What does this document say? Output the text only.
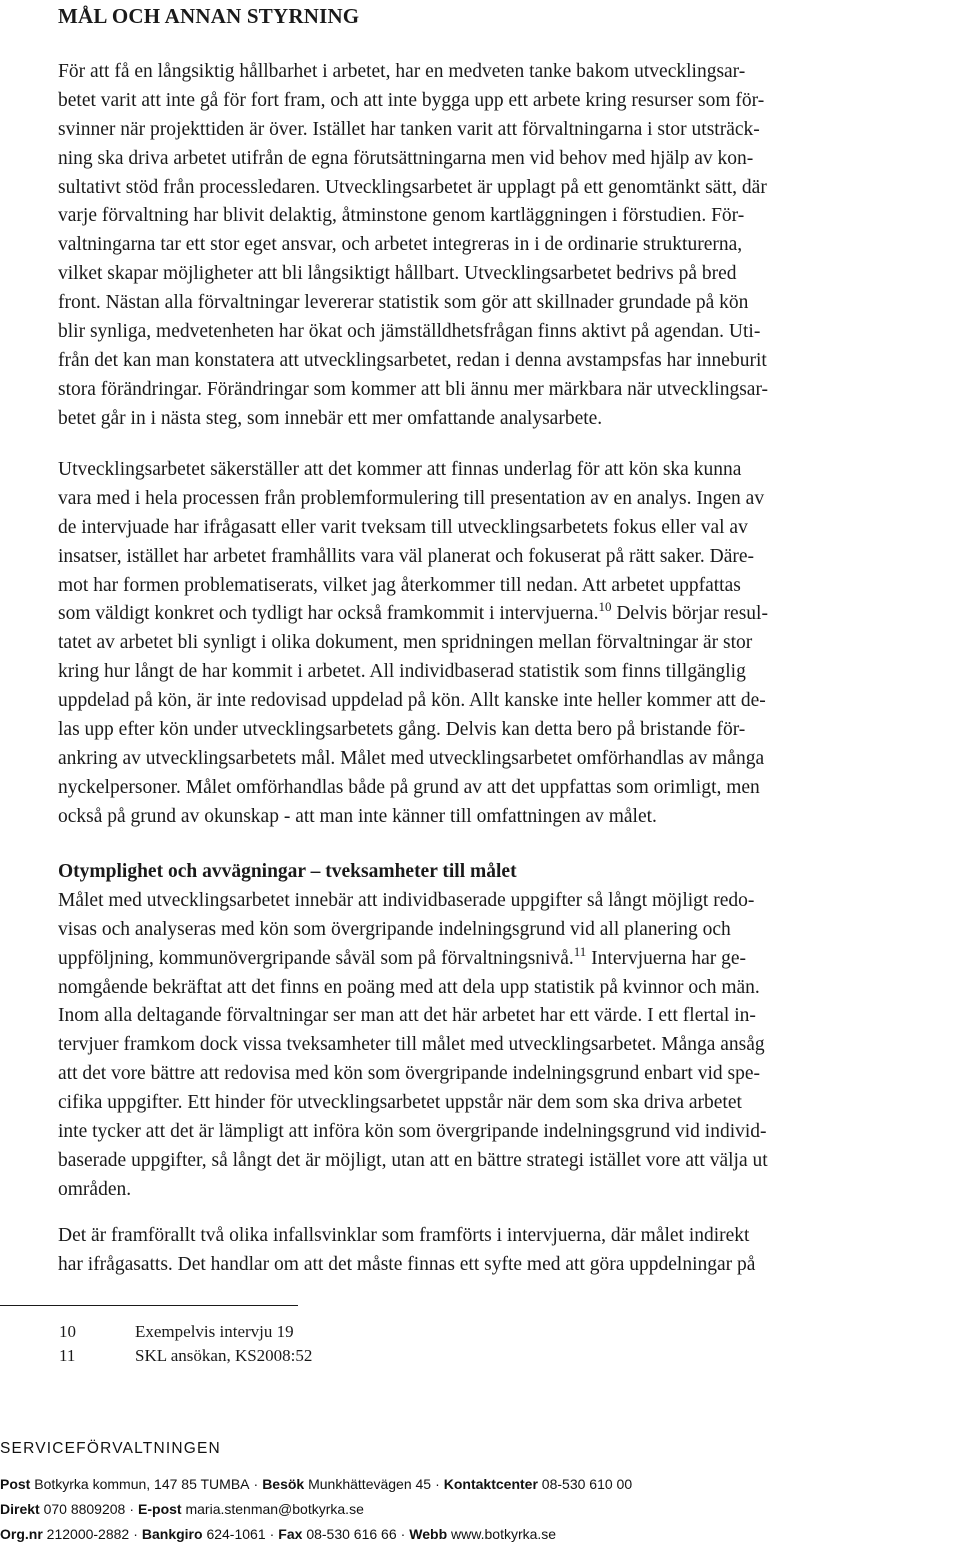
MÅL OCH ANNAN STYRNING
För att få en långsiktig hållbarhet i arbetet, har en medveten tanke bakom utvecklingsar-
betet varit att inte gå för fort fram, och att inte bygga upp ett arbete kring resurser som för-
svinner när projekttiden är över. Istället har tanken varit att förvaltningarna i stor utsträck-
ning ska driva arbetet utifrån de egna förutsättningarna men vid behov med hjälp av kon-
sultativt stöd från processledaren. Utvecklingsarbetet är upplagt på ett genomtänkt sätt, där
varje förvaltning har blivit delaktig, åtminstone genom kartläggningen i förstudien. För-
valtningarna tar ett stor eget ansvar, och arbetet integreras in i de ordinarie strukturerna,
vilket skapar möjligheter att bli långsiktigt hållbart. Utvecklingsarbetet bedrivs på bred
front. Nästan alla förvaltningar levererar statistik som gör att skillnader grundade på kön
blir synliga, medvetenheten har ökat och jämställdhetsfrågan finns aktivt på agendan. Uti-
från det kan man konstatera att utvecklingsarbetet, redan i denna avstampsfas har inneburit
stora förändringar. Förändringar som kommer att bli ännu mer märkbara när utvecklingsar-
betet går in i nästa steg, som innebär ett mer omfattande analysarbete.
Utvecklingsarbetet säkerställer att det kommer att finnas underlag för att kön ska kunna
vara med i hela processen från problemformulering till presentation av en analys. Ingen av
de intervjuade har ifrågasatt eller varit tveksam till utvecklingsarbetets fokus eller val av
insatser, istället har arbetet framhållits vara väl planerat och fokuserat på rätt saker. Däre-
mot har formen problematiserats, vilket jag återkommer till nedan. Att arbetet uppfattas
som väldigt konkret och tydligt har också framkommit i intervjuerna.$^{10}$ Delvis börjar resul-
tatet av arbetet bli synligt i olika dokument, men spridningen mellan förvaltningar är stor
kring hur långt de har kommit i arbetet. All individbaserad statistik som finns tillgänglig
uppdelad på kön, är inte redovisad uppdelad på kön. Allt kanske inte heller kommer att de-
las upp efter kön under utvecklingsarbetets gång. Delvis kan detta bero på bristande för-
ankring av utvecklingsarbetets mål. Målet med utvecklingsarbetet omförhandlas av många
nyckelpersoner. Målet omförhandlas både på grund av att det uppfattas som orimligt, men
också på grund av okunskap - att man inte känner till omfattningen av målet.
Otymplighet och avvägningar – tveksamheter till målet
Målet med utvecklingsarbetet innebär att individbaserade uppgifter så långt möjligt redo-
visas och analyseras med kön som övergripande indelningsgrund vid all planering och
uppföljning, kommunövergripande såväl som på förvaltningsnivå.$^{11}$ Intervjuerna har ge-
nomgående bekräftat att det finns en poäng med att dela upp statistik på kvinnor och män.
Inom alla deltagande förvaltningar ser man att det här arbetet har ett värde. I ett flertal in-
tervjuer framkom dock vissa tveksamheter till målet med utvecklingsarbetet. Många ansåg
att det vore bättre att redovisa med kön som övergripande indelningsgrund enbart vid spe-
cifika uppgifter. Ett hinder för utvecklingsarbetet uppstår när dem som ska driva arbetet
inte tycker att det är lämpligt att införa kön som övergripande indelningsgrund vid individ-
baserade uppgifter, så långt det är möjligt, utan att en bättre strategi istället vore att välja ut
områden.
Det är framförallt två olika infallsvinklar som framförts i intervjuerna, där målet indirekt
har ifrågasatts. Det handlar om att det måste finnas ett syfte med att göra uppdelningar på
10	Exempelvis intervju 19
11	SKL ansökan, KS2008:52
SERVICEFÖRVALTNINGEN
Post Botkyrka kommun, 147 85 TUMBA · Besök Munkhättevägen 45 · Kontaktcenter 08-530 610 00
Direkt 070 8809208 · E-post maria.stenman@botkyrka.se
Org.nr 212000-2882 · Bankgiro 624-1061 · Fax 08-530 616 66 · Webb www.botkyrka.se
